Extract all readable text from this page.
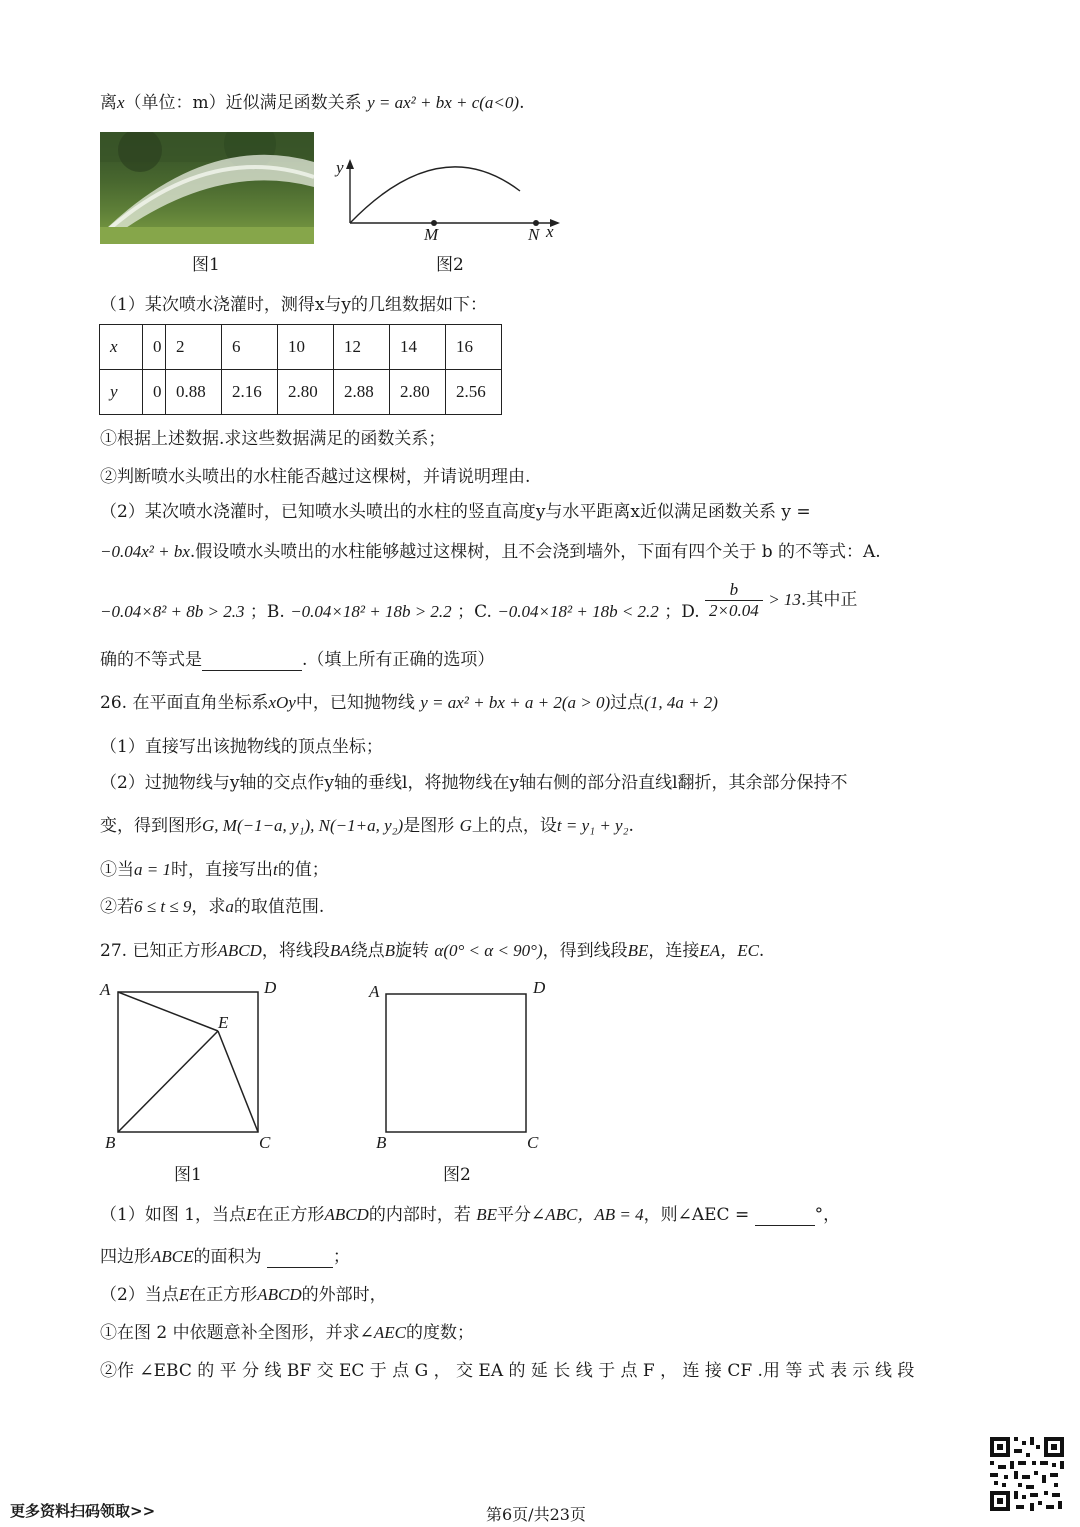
离x（单位：m）近似满足函数关系 y = ax² + bx + c(a<0).
图1
y
M	N x
图2
（1）某次喷水浇灌时，测得x与y的几组数据如下：
x	0	2	6	10	12	14	16
y	0	0.88	2.16	2.80	2.88	2.80	2.56
①根据上述数据.求这些数据满足的函数关系；
②判断喷水头喷出的水柱能否越过这棵树，并请说明理由.
（2）某次喷水浇灌时，已知喷水头喷出的水柱的竖直高度y与水平距离x近似满足函数关系 y =
−0.04x² + bx.假设喷水头喷出的水柱能够越过这棵树，且不会浇到墙外，下面有四个关于 b 的不等式：A.
−0.04×8² + 8b > 2.3 ；B. −0.04×18² + 18b > 2.2 ；C. −0.04×18² + 18b < 2.2 ；D. $\frac{b}{2\times 0.04} > 13$.其中正
确的不等式是	.（填上所有正确的选项）
26. 在平面直角坐标系xOy中，已知抛物线 y = ax² + bx + a + 2(a > 0)过点(1, 4a + 2)
（1）直接写出该抛物线的顶点坐标；
（2）过抛物线与y轴的交点作y轴的垂线l，将抛物线在y轴右侧的部分沿直线l翻折，其余部分保持不
变，得到图形G, M(−1−a, y₁), N(−1+a, y₂)是图形 G上的点，设t = y₁ + y₂.
①当a = 1时，直接写出t的值；
②若6 ≤ t ≤ 9，求a的取值范围.
27. 已知正方形ABCD，将线段BA绕点B旋转 α(0° < α < 90°)，得到线段BE，连接EA，EC.
A	D
E
B	C
图1
A	D
B	C
图2
（1）如图 1，当点E在正方形ABCD的内部时，若 BE平分∠ABC，AB = 4，则∠AEC =	°，
四边形ABCE的面积为	；
（2）当点E在正方形ABCD的外部时，
①在图 2 中依题意补全图形，并求∠AEC的度数；
②作 ∠EBC 的 平 分 线 BF 交 EC 于 点 G ， 交 EA 的 延 长 线 于 点 F ， 连 接 CF .用 等 式 表 示 线 段
更多资料扫码领取>>	第6页/共23页
